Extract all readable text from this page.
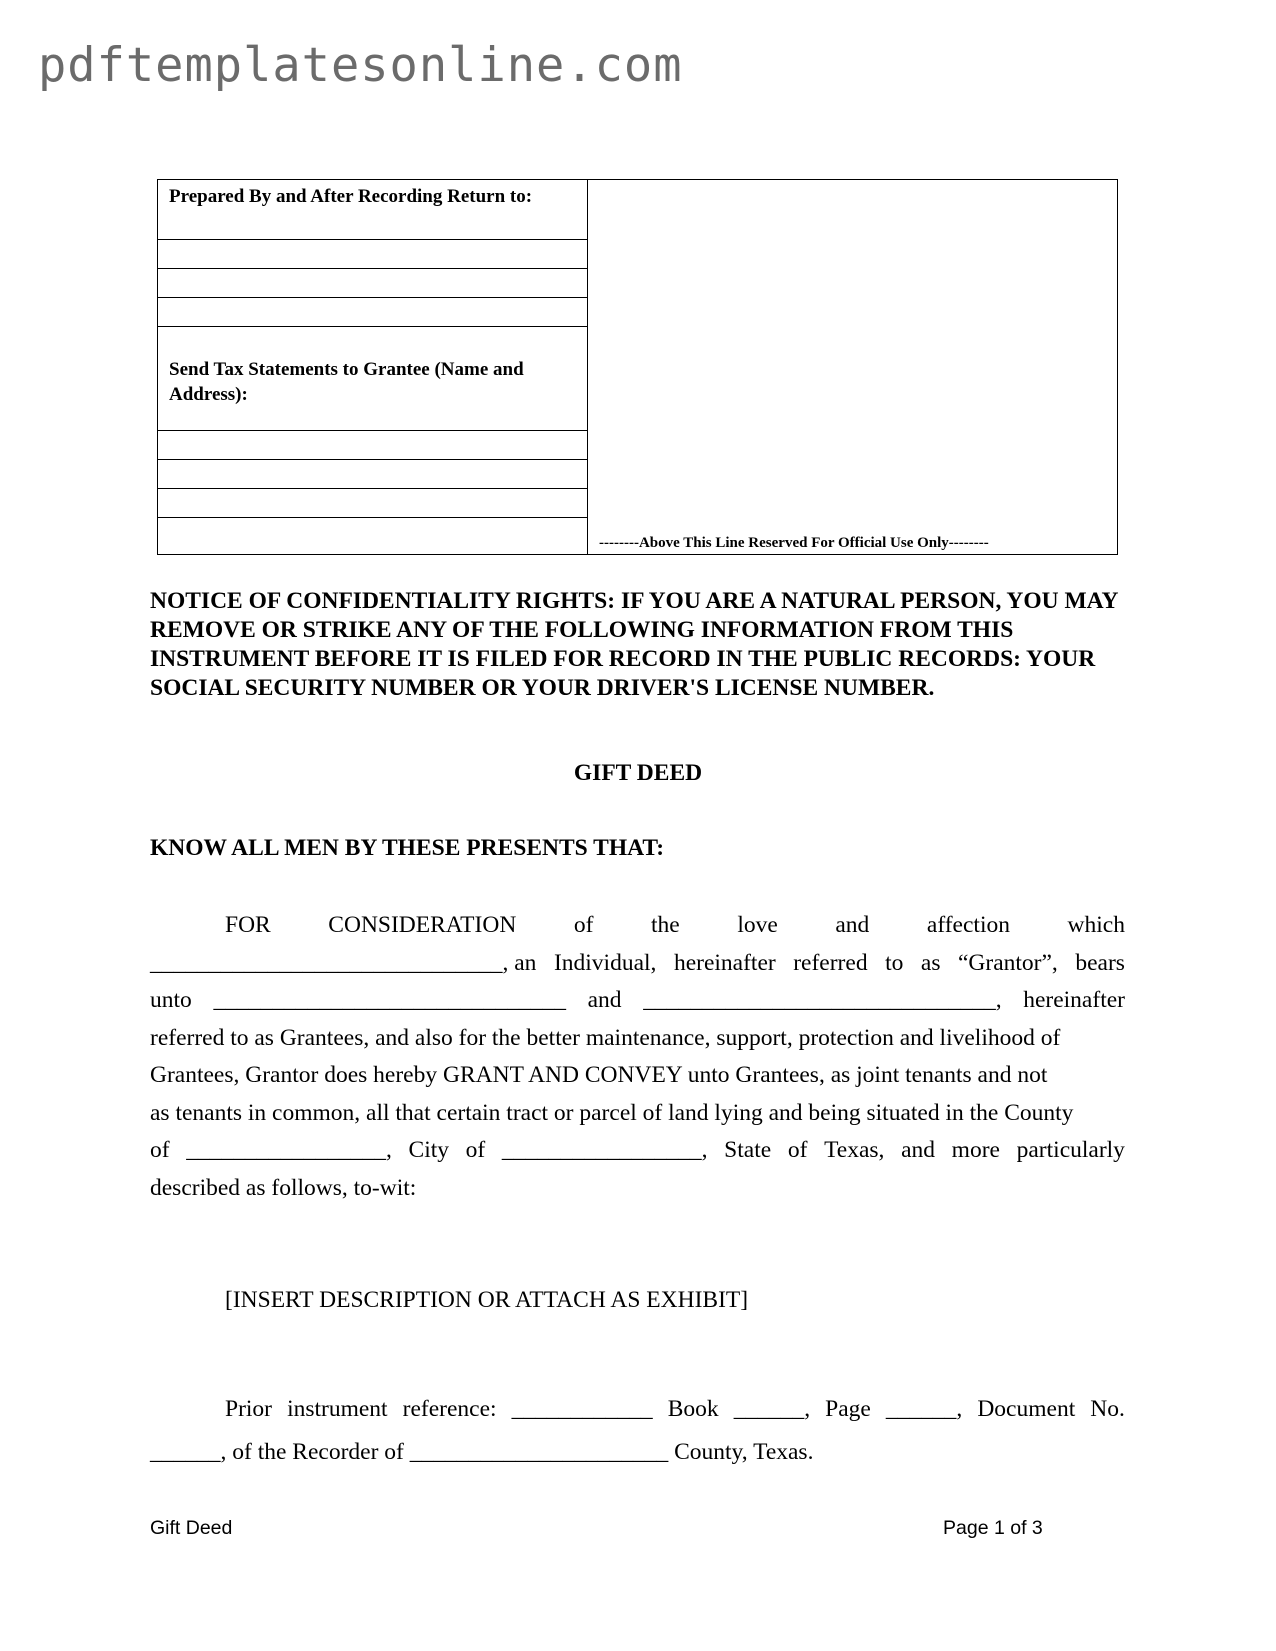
pdftemplatesonline.com
Prepared By and After Recording Return to:
Send Tax Statements to Grantee (Name and Address):
--------Above This Line Reserved For Official Use Only--------
NOTICE OF CONFIDENTIALITY RIGHTS: IF YOU ARE A NATURAL PERSON, YOU MAY REMOVE OR STRIKE ANY OF THE FOLLOWING INFORMATION FROM THIS INSTRUMENT BEFORE IT IS FILED FOR RECORD IN THE PUBLIC RECORDS: YOUR SOCIAL SECURITY NUMBER OR YOUR DRIVER'S LICENSE NUMBER.
GIFT DEED
KNOW ALL MEN BY THESE PRESENTS THAT:
FOR CONSIDERATION of the love and affection which
______________________________, an Individual, hereinafter referred to as “Grantor”, bears
unto ______________________________ and ______________________________, hereinafter
referred to as Grantees, and also for the better maintenance, support, protection and livelihood of
Grantees, Grantor does hereby GRANT AND CONVEY unto Grantees, as joint tenants and not
as tenants in common, all that certain tract or parcel of land lying and being situated in the County
of _________________, City of _________________, State of Texas, and more particularly
described as follows, to-wit:
[INSERT DESCRIPTION OR ATTACH AS EXHIBIT]
Prior instrument reference: ____________ Book ______, Page ______, Document No.
______, of the Recorder of ______________________ County, Texas.
Gift Deed	Page 1 of 3
